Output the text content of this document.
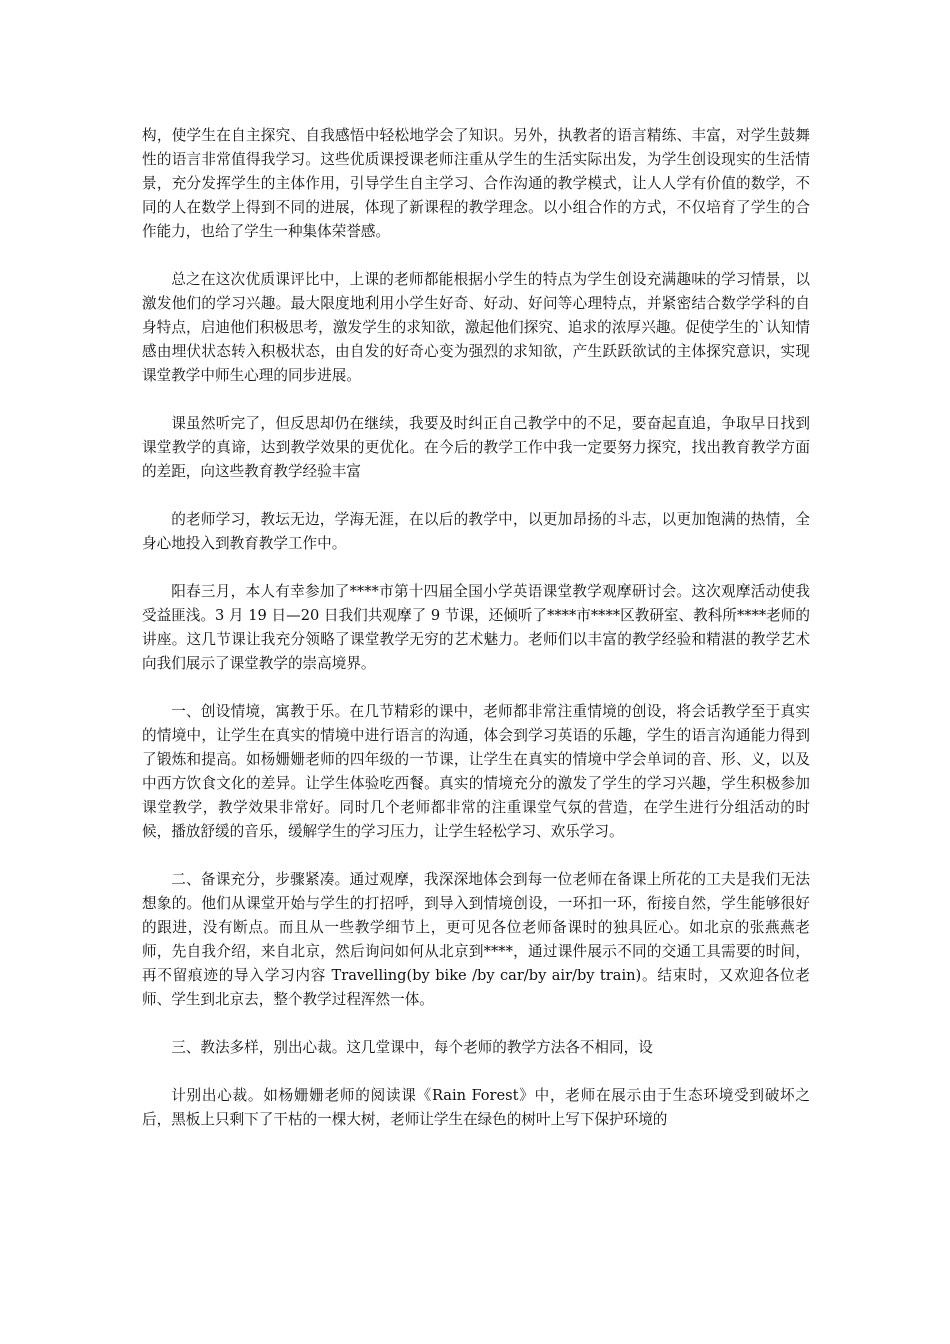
构，使学生在自主探究、自我感悟中轻松地学会了知识。另外，执教者的语言精练、丰富，对学生鼓舞性的语言非常值得我学习。这些优质课授课老师注重从学生的生活实际出发，为学生创设现实的生活情景，充分发挥学生的主体作用，引导学生自主学习、合作沟通的教学模式，让人人学有价值的数学，不同的人在数学上得到不同的进展，体现了新课程的教学理念。以小组合作的方式，不仅培育了学生的合作能力，也给了学生一种集体荣誉感。

总之在这次优质课评比中，上课的老师都能根据小学生的特点为学生创设充满趣味的学习情景，以激发他们的学习兴趣。最大限度地利用小学生好奇、好动、好问等心理特点，并紧密结合数学学科的自身特点，启迪他们积极思考，激发学生的求知欲，激起他们探究、追求的浓厚兴趣。促使学生的`认知情感由埋伏状态转入积极状态，由自发的好奇心变为强烈的求知欲，产生跃跃欲试的主体探究意识，实现课堂教学中师生心理的同步进展。

课虽然听完了，但反思却仍在继续，我要及时纠正自己教学中的不足，要奋起直追，争取早日找到课堂教学的真谛，达到教学效果的更优化。在今后的教学工作中我一定要努力探究，找出教育教学方面的差距，向这些教育教学经验丰富

的老师学习，教坛无边，学海无涯，在以后的教学中，以更加昂扬的斗志，以更加饱满的热情，全身心地投入到教育教学工作中。

阳春三月，本人有幸参加了****市第十四届全国小学英语课堂教学观摩研讨会。这次观摩活动使我受益匪浅。3 月 19 日—20 日我们共观摩了 9 节课，还倾听了****市****区教研室、教科所****老师的讲座。这几节课让我充分领略了课堂教学无穷的艺术魅力。老师们以丰富的教学经验和精湛的教学艺术向我们展示了课堂教学的崇高境界。

一、创设情境，寓教于乐。在几节精彩的课中，老师都非常注重情境的创设，将会话教学至于真实的情境中，让学生在真实的情境中进行语言的沟通，体会到学习英语的乐趣，学生的语言沟通能力得到了锻炼和提高。如杨姗姗老师的四年级的一节课，让学生在真实的情境中学会单词的音、形、义，以及中西方饮食文化的差异。让学生体验吃西餐。真实的情境充分的激发了学生的学习兴趣，学生积极参加课堂教学，教学效果非常好。同时几个老师都非常的注重课堂气氛的营造，在学生进行分组活动的时候，播放舒缓的音乐，缓解学生的学习压力，让学生轻松学习、欢乐学习。

二、备课充分，步骤紧凑。通过观摩，我深深地体会到每一位老师在备课上所花的工夫是我们无法想象的。他们从课堂开始与学生的打招呼，到导入到情境创设，一环扣一环，衔接自然，学生能够很好的跟进，没有断点。而且从一些教学细节上，更可见各位老师备课时的独具匠心。如北京的张燕燕老师，先自我介绍，来自北京，然后询问如何从北京到****，通过课件展示不同的交通工具需要的时间，再不留痕迹的导入学习内容 Travelling(by bike /by car/by air/by train)。结束时，又欢迎各位老师、学生到北京去，整个教学过程浑然一体。

三、教法多样，别出心裁。这几堂课中，每个老师的教学方法各不相同，设

计别出心裁。如杨姗姗老师的阅读课《Rain Forest》中，老师在展示由于生态环境受到破坏之后，黑板上只剩下了干枯的一棵大树，老师让学生在绿色的树叶上写下保护环境的
